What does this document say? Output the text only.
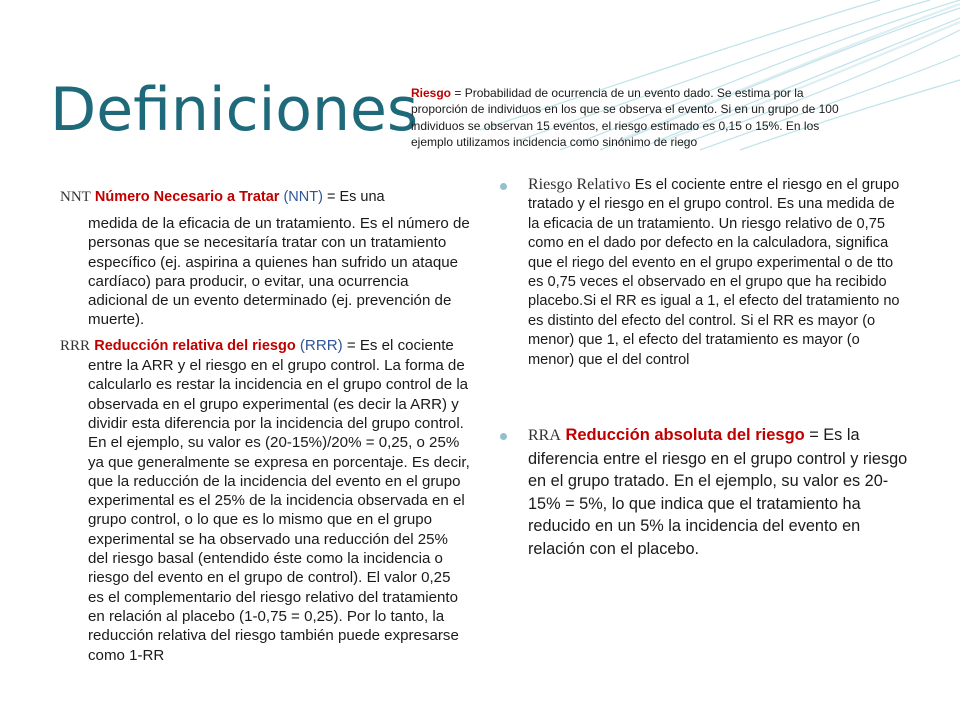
Definiciones
Riesgo = Probabilidad de ocurrencia de un evento dado. Se estima por la proporción de individuos en los que se observa el evento. Si en un grupo de 100 individuos se observan 15 eventos, el riesgo estimado es 0,15 o 15%. En los ejemplo utilizamos incidencia como sinónimo de riego
NNT Número Necesario a Tratar (NNT) = Es una
medida de la eficacia de un tratamiento. Es el número de personas que se necesitaría tratar con un tratamiento específico (ej. aspirina a quienes han sufrido un ataque cardíaco) para producir, o evitar, una ocurrencia adicional de un evento determinado (ej. prevención de muerte).
RRR Reducción relativa del riesgo (RRR) = Es el cociente entre la ARR y el riesgo en el grupo control. La forma de calcularlo es restar la incidencia en el grupo control de la observada en el grupo experimental (es decir la ARR) y dividir esta diferencia por la incidencia del grupo control. En el ejemplo, su valor es (20-15%)/20% = 0,25, o 25% ya que generalmente se expresa en porcentaje. Es decir, que la reducción de la incidencia del evento en el grupo experimental es el 25% de la incidencia observada en el grupo control, o lo que es lo mismo que en el grupo experimental se ha observado una reducción del 25% del riesgo basal (entendido éste como la incidencia o riesgo del evento en el grupo de control). El valor 0,25 es el complementario del riesgo relativo del tratamiento en relación al placebo (1-0,75 = 0,25). Por lo tanto, la reducción relativa del riesgo también puede expresarse como 1-RR
Riesgo Relativo Es el cociente entre el riesgo en el grupo tratado y el riesgo en el grupo control. Es una medida de la eficacia de un tratamiento. Un riesgo relativo de 0,75 como en el dado por defecto en la calculadora, significa que el riego del evento en el grupo experimental o de tto es 0,75 veces el observado en el grupo que ha recibido placebo.Si el RR es igual a 1, el efecto del tratamiento no es distinto del efecto del control. Si el RR es mayor (o menor) que 1, el efecto del tratamiento es mayor (o menor) que el del control
RRA Reducción absoluta del riesgo = Es la diferencia entre el riesgo en el grupo control y riesgo en el grupo tratado. En el ejemplo, su valor es 20-15% = 5%, lo que indica que el tratamiento ha reducido en un 5% la incidencia del evento en relación con el placebo.
